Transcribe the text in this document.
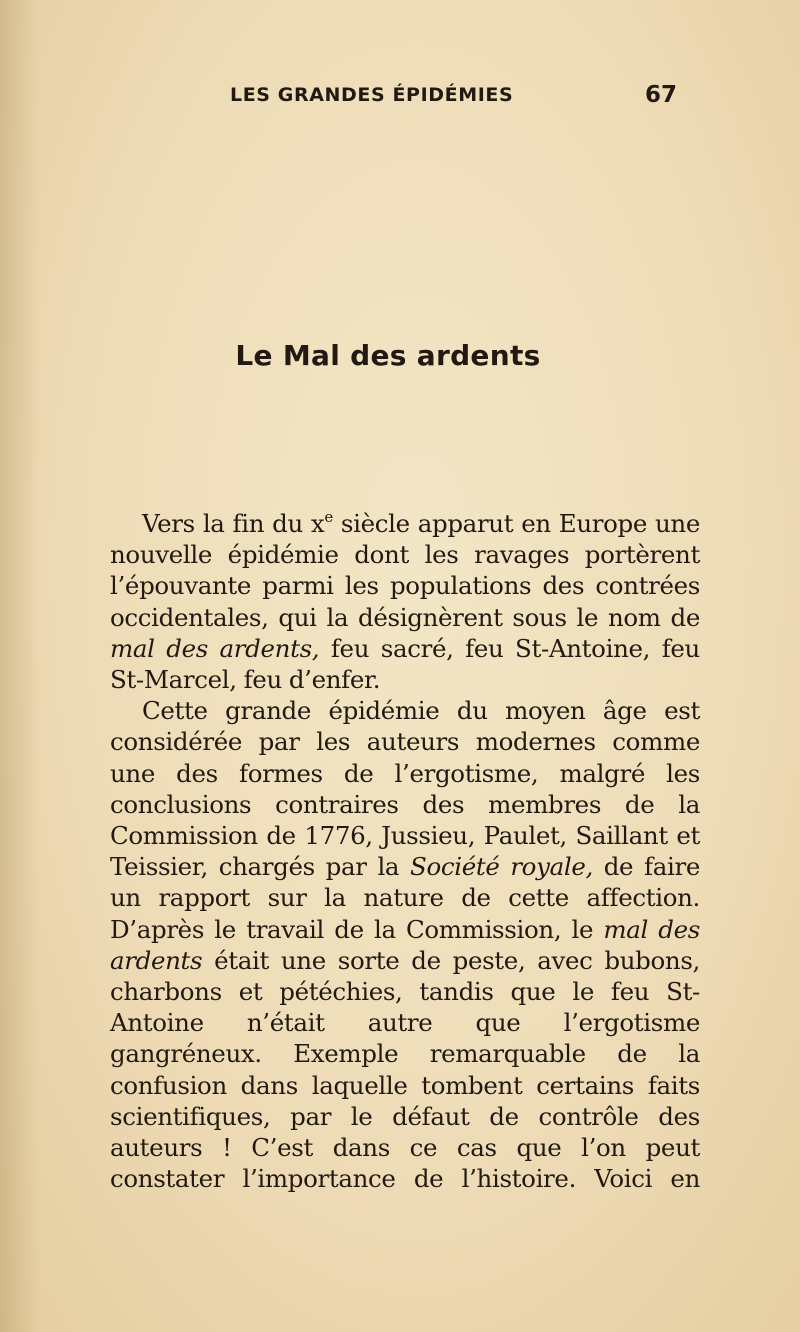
LES GRANDES ÉPIDÉMIES	67
Le Mal des ardents

Vers la fin du $x^e$ siècle apparut en Europe une nouvelle épidémie dont les ravages portèrent l’épouvante parmi les populations des contrées occidentales, qui la désignèrent sous le nom de mal des ardents, feu sacré, feu St-Antoine, feu St-Marcel, feu d’enfer.

Cette grande épidémie du moyen âge est considérée par les auteurs modernes comme une des formes de l’ergotisme, malgré les conclusions contraires des membres de la Commission de 1776, Jussieu, Paulet, Saillant et Teissier, chargés par la Société royale, de faire un rapport sur la nature de cette affection. D’après le travail de la Commission, le mal des ardents était une sorte de peste, avec bubons, charbons et pétéchies, tandis que le feu St-Antoine n’était autre que l’ergotisme gangréneux. Exemple remarquable de la confusion dans laquelle tombent certains faits scientifiques, par le défaut de contrôle des auteurs ! C’est dans ce cas que l’on peut constater l’importance de l’histoire. Voici en
